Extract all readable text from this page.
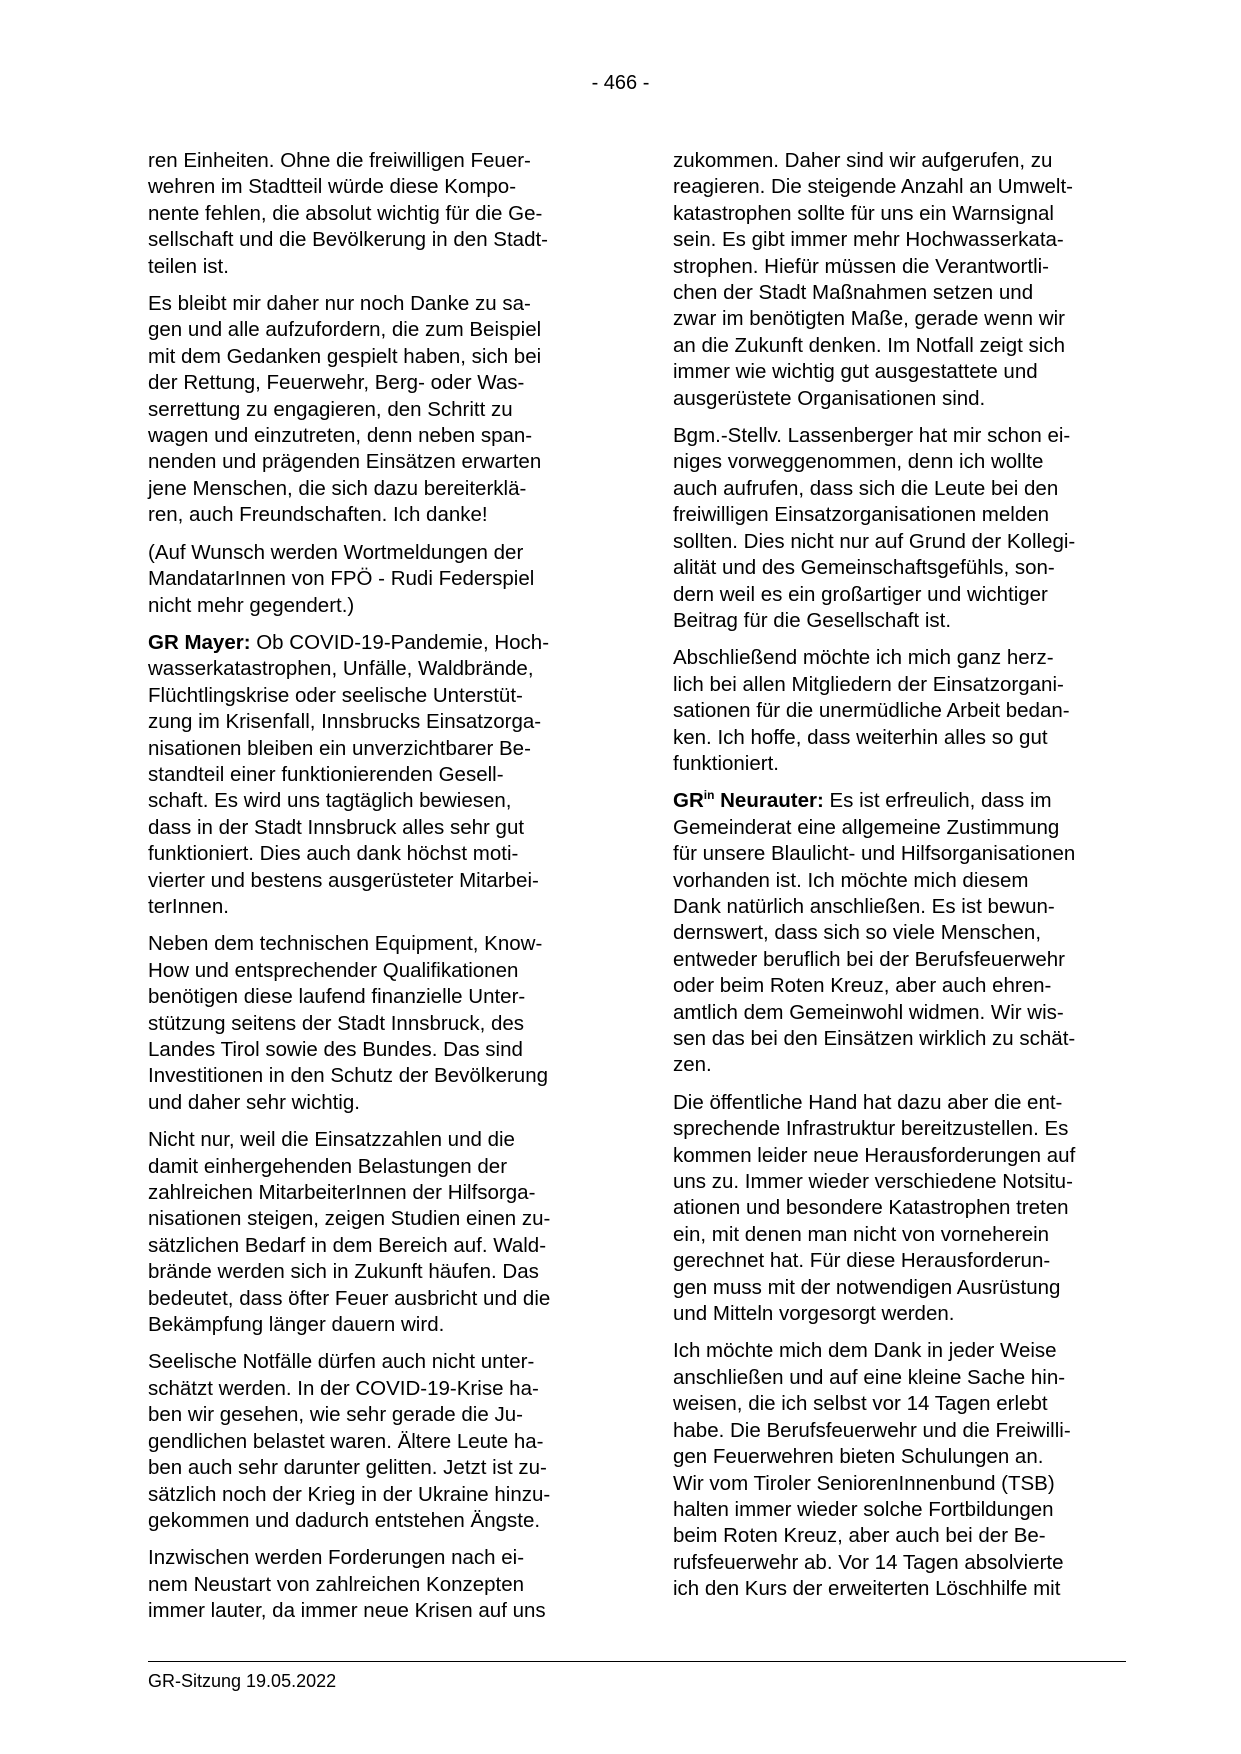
- 466 -

ren Einheiten. Ohne die freiwilligen Feuer-
wehren im Stadtteil würde diese Kompo-
nente fehlen, die absolut wichtig für die Ge-
sellschaft und die Bevölkerung in den Stadt-
teilen ist.

Es bleibt mir daher nur noch Danke zu sa-
gen und alle aufzufordern, die zum Beispiel
mit dem Gedanken gespielt haben, sich bei
der Rettung, Feuerwehr, Berg- oder Was-
serrettung zu engagieren, den Schritt zu
wagen und einzutreten, denn neben span-
nenden und prägenden Einsätzen erwarten
jene Menschen, die sich dazu bereiterklä-
ren, auch Freundschaften. Ich danke!

(Auf Wunsch werden Wortmeldungen der
MandatarInnen von FPÖ - Rudi Federspiel
nicht mehr gegendert.)

GR Mayer: Ob COVID-19-Pandemie, Hoch-
wasserkatastrophen, Unfälle, Waldbrände,
Flüchtlingskrise oder seelische Unterstüt-
zung im Krisenfall, Innsbrucks Einsatzorga-
nisationen bleiben ein unverzichtbarer Be-
standteil einer funktionierenden Gesell-
schaft. Es wird uns tagtäglich bewiesen,
dass in der Stadt Innsbruck alles sehr gut
funktioniert. Dies auch dank höchst moti-
vierter und bestens ausgerüsteter Mitarbei-
terInnen.

Neben dem technischen Equipment, Know-
How und entsprechender Qualifikationen
benötigen diese laufend finanzielle Unter-
stützung seitens der Stadt Innsbruck, des
Landes Tirol sowie des Bundes. Das sind
Investitionen in den Schutz der Bevölkerung
und daher sehr wichtig.

Nicht nur, weil die Einsatzzahlen und die
damit einhergehenden Belastungen der
zahlreichen MitarbeiterInnen der Hilfsorga-
nisationen steigen, zeigen Studien einen zu-
sätzlichen Bedarf in dem Bereich auf. Wald-
brände werden sich in Zukunft häufen. Das
bedeutet, dass öfter Feuer ausbricht und die
Bekämpfung länger dauern wird.

Seelische Notfälle dürfen auch nicht unter-
schätzt werden. In der COVID-19-Krise ha-
ben wir gesehen, wie sehr gerade die Ju-
gendlichen belastet waren. Ältere Leute ha-
ben auch sehr darunter gelitten. Jetzt ist zu-
sätzlich noch der Krieg in der Ukraine hinzu-
gekommen und dadurch entstehen Ängste.

Inzwischen werden Forderungen nach ei-
nem Neustart von zahlreichen Konzepten
immer lauter, da immer neue Krisen auf uns

zukommen. Daher sind wir aufgerufen, zu
reagieren. Die steigende Anzahl an Umwelt-
katastrophen sollte für uns ein Warnsignal
sein. Es gibt immer mehr Hochwasserkata-
strophen. Hiefür müssen die Verantwortli-
chen der Stadt Maßnahmen setzen und
zwar im benötigten Maße, gerade wenn wir
an die Zukunft denken. Im Notfall zeigt sich
immer wie wichtig gut ausgestattete und
ausgerüstete Organisationen sind.

Bgm.-Stellv. Lassenberger hat mir schon ei-
niges vorweggenommen, denn ich wollte
auch aufrufen, dass sich die Leute bei den
freiwilligen Einsatzorganisationen melden
sollten. Dies nicht nur auf Grund der Kollegi-
alität und des Gemeinschaftsgefühls, son-
dern weil es ein großartiger und wichtiger
Beitrag für die Gesellschaft ist.

Abschließend möchte ich mich ganz herz-
lich bei allen Mitgliedern der Einsatzorgani-
sationen für die unermüdliche Arbeit bedan-
ken. Ich hoffe, dass weiterhin alles so gut
funktioniert.

$GR^{in}$ Neurauter: Es ist erfreulich, dass im
Gemeinderat eine allgemeine Zustimmung
für unsere Blaulicht- und Hilfsorganisationen
vorhanden ist. Ich möchte mich diesem
Dank natürlich anschließen. Es ist bewun-
dernswert, dass sich so viele Menschen,
entweder beruflich bei der Berufsfeuerwehr
oder beim Roten Kreuz, aber auch ehren-
amtlich dem Gemeinwohl widmen. Wir wis-
sen das bei den Einsätzen wirklich zu schät-
zen.

Die öffentliche Hand hat dazu aber die ent-
sprechende Infrastruktur bereitzustellen. Es
kommen leider neue Herausforderungen auf
uns zu. Immer wieder verschiedene Notsitu-
ationen und besondere Katastrophen treten
ein, mit denen man nicht von vorneherein
gerechnet hat. Für diese Herausforderun-
gen muss mit der notwendigen Ausrüstung
und Mitteln vorgesorgt werden.

Ich möchte mich dem Dank in jeder Weise
anschließen und auf eine kleine Sache hin-
weisen, die ich selbst vor 14 Tagen erlebt
habe. Die Berufsfeuerwehr und die Freiwilli-
gen Feuerwehren bieten Schulungen an.
Wir vom Tiroler SeniorenInnenbund (TSB)
halten immer wieder solche Fortbildungen
beim Roten Kreuz, aber auch bei der Be-
rufsfeuerwehr ab. Vor 14 Tagen absolvierte
ich den Kurs der erweiterten Löschhilfe mit

GR-Sitzung 19.05.2022
